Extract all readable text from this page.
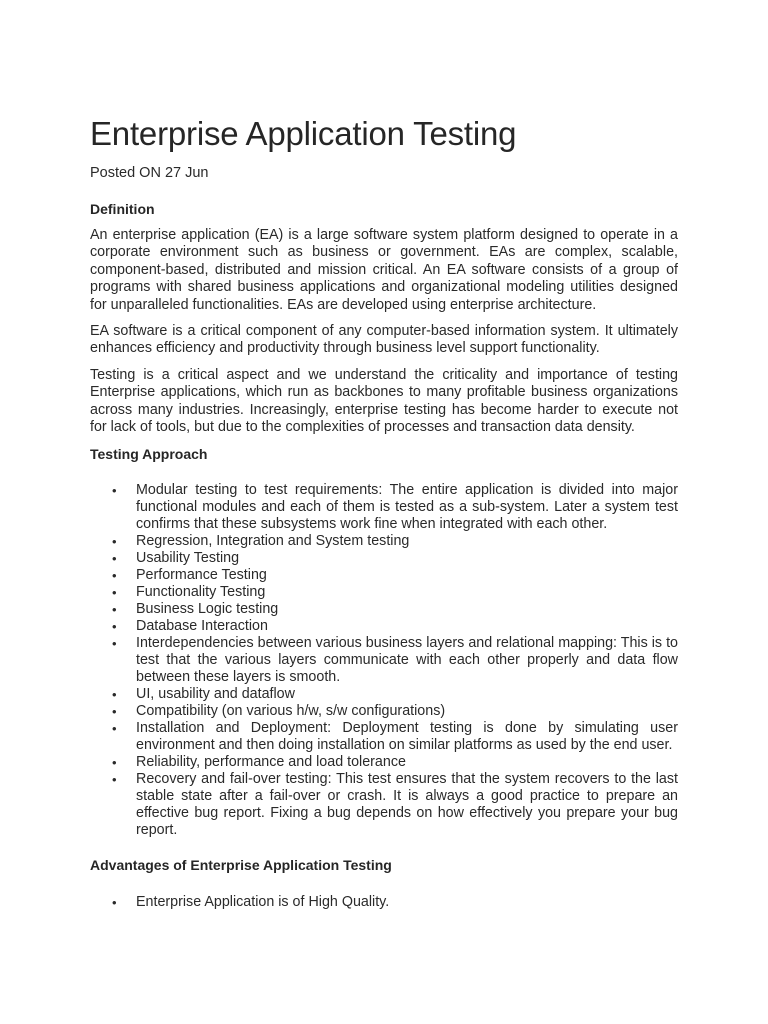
Enterprise Application Testing
Posted ON 27 Jun
Definition

An enterprise application (EA) is a large software system platform designed to operate in a corporate environment such as business or government. EAs are complex, scalable, component-based, distributed and mission critical. An EA software consists of a group of programs with shared business applications and organizational modeling utilities designed for unparalleled functionalities. EAs are developed using enterprise architecture.

EA software is a critical component of any computer-based information system. It ultimately enhances efficiency and productivity through business level support functionality.

Testing is a critical aspect and we understand the criticality and importance of testing Enterprise applications, which run as backbones to many profitable business organizations across many industries. Increasingly, enterprise testing has become harder to execute not for lack of tools, but due to the complexities of processes and transaction data density.

Testing Approach
• Modular testing to test requirements: The entire application is divided into major functional modules and each of them is tested as a sub-system. Later a system test confirms that these subsystems work fine when integrated with each other.
• Regression, Integration and System testing
• Usability Testing
• Performance Testing
• Functionality Testing
• Business Logic testing
• Database Interaction
• Interdependencies between various business layers and relational mapping: This is to test that the various layers communicate with each other properly and data flow between these layers is smooth.
• UI, usability and dataflow
• Compatibility (on various h/w, s/w configurations)
• Installation and Deployment: Deployment testing is done by simulating user environment and then doing installation on similar platforms as used by the end user.
• Reliability, performance and load tolerance
• Recovery and fail-over testing: This test ensures that the system recovers to the last stable state after a fail-over or crash. It is always a good practice to prepare an effective bug report. Fixing a bug depends on how effectively you prepare your bug report.
Advantages of Enterprise Application Testing
• Enterprise Application is of High Quality.
